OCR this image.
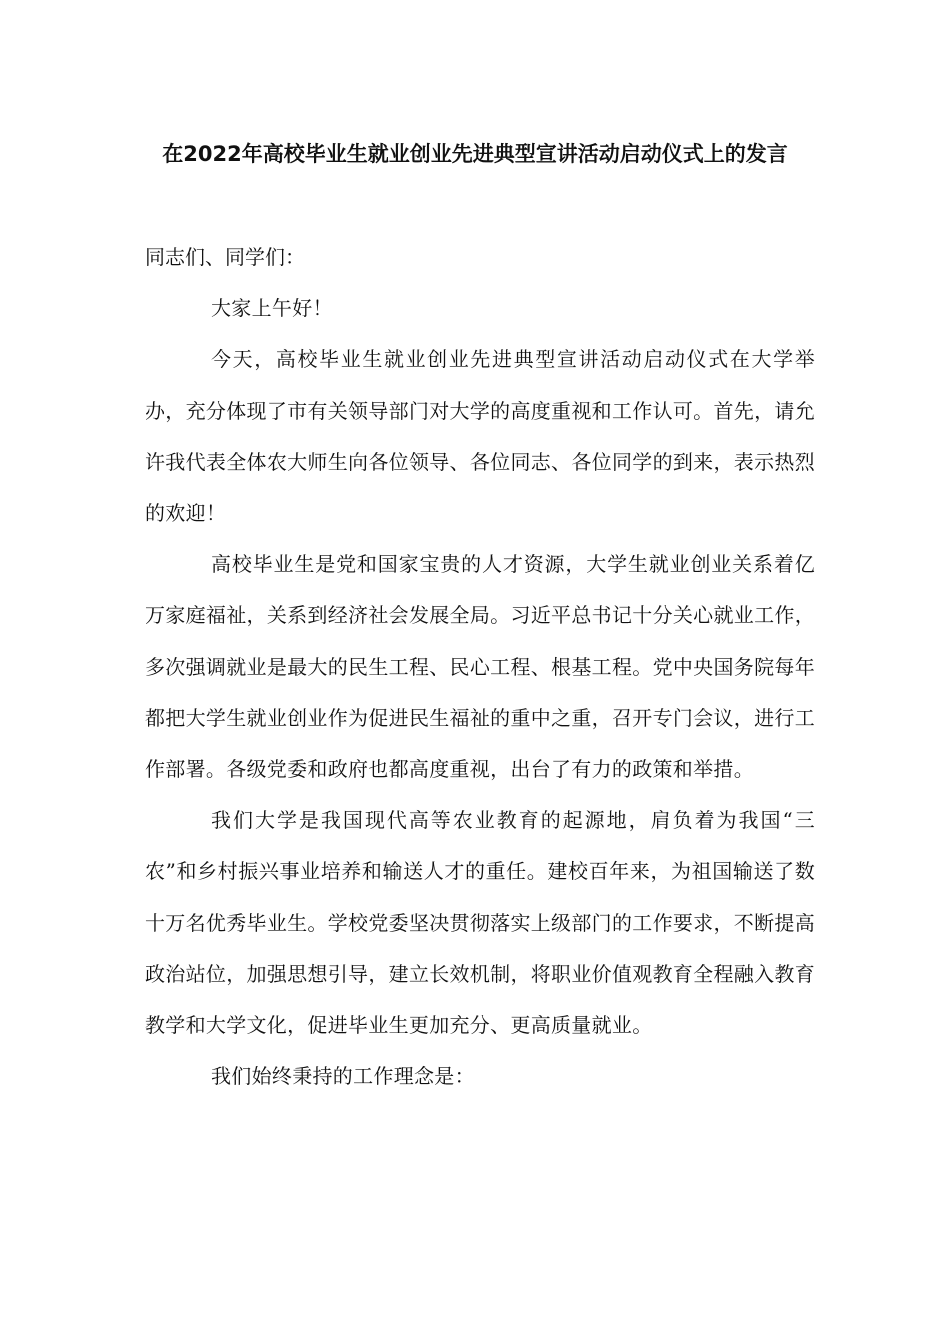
在2022年高校毕业生就业创业先进典型宣讲活动启动仪式上的发言

同志们、同学们：

大家上午好！

今天，高校毕业生就业创业先进典型宣讲活动启动仪式在大学举办，充分体现了市有关领导部门对大学的高度重视和工作认可。首先，请允许我代表全体农大师生向各位领导、各位同志、各位同学的到来，表示热烈的欢迎！

高校毕业生是党和国家宝贵的人才资源，大学生就业创业关系着亿万家庭福祉，关系到经济社会发展全局。习近平总书记十分关心就业工作，多次强调就业是最大的民生工程、民心工程、根基工程。党中央国务院每年都把大学生就业创业作为促进民生福祉的重中之重，召开专门会议，进行工作部署。各级党委和政府也都高度重视，出台了有力的政策和举措。

我们大学是我国现代高等农业教育的起源地，肩负着为我国“三农”和乡村振兴事业培养和输送人才的重任。建校百年来，为祖国输送了数十万名优秀毕业生。学校党委坚决贯彻落实上级部门的工作要求，不断提高政治站位，加强思想引导，建立长效机制，将职业价值观教育全程融入教育教学和大学文化，促进毕业生更加充分、更高质量就业。

我们始终秉持的工作理念是：
